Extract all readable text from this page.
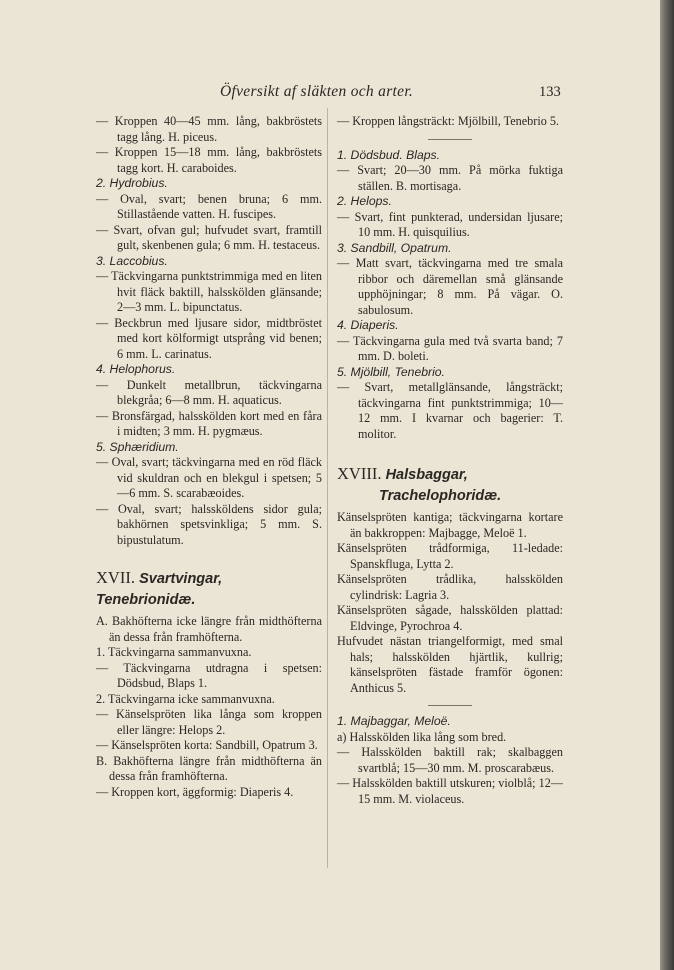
Öfversikt af släkten och arter.	133
— Kroppen 40—45 mm. lång, bakbröstets tagg lång. H. piceus.
— Kroppen 15—18 mm. lång, bakbröstets tagg kort. H. caraboides.
2. Hydrobius.
— Oval, svart; benen bruna; 6 mm. Stillastående vatten. H. fuscipes.
— Svart, ofvan gul; hufvudet svart, framtill gult, skenbenen gula; 6 mm. H. testaceus.
3. Laccobius.
— Täckvingarna punktstrimmiga med en liten hvit fläck baktill, halsskölden glänsande; 2—3 mm. L. bipunctatus.
— Beckbrun med ljusare sidor, midtbröstet med kort kölformigt utsprång vid benen; 6 mm. L. carinatus.
4. Helophorus.
— Dunkelt metallbrun, täckvingarna blekgråa; 6—8 mm. H. aquaticus.
— Bronsfärgad, halsskölden kort med en fåra i midten; 3 mm. H. pygmæus.
5. Sphæridium.
— Oval, svart; täckvingarna med en röd fläck vid skuldran och en blekgul i spetsen; 5—6 mm. S. scarabæoides.
— Oval, svart; halssköldens sidor gula; bakhörnen spetsvinkliga; 5 mm. S. bipustulatum.
XVII. Svartvingar, Tenebrionidæ.
A. Bakhöfterna icke längre från midthöfterna än dessa från framhöfterna.
1. Täckvingarna sammanvuxna.
— Täckvingarna utdragna i spetsen: Dödsbud, Blaps 1.
2. Täckvingarna icke sammanvuxna.
— Känselspröten lika långa som kroppen eller längre: Helops 2.
— Känselspröten korta: Sandbill, Opatrum 3.
B. Bakhöfterna längre från midthöfterna än dessa från framhöfterna.
— Kroppen kort, äggformig: Diaperis 4.
— Kroppen långsträckt: Mjölbill, Tenebrio 5.
1. Dödsbud. Blaps.
— Svart; 20—30 mm. På mörka fuktiga ställen. B. mortisaga.
2. Helops.
— Svart, fint punkterad, undersidan ljusare; 10 mm. H. quisquilius.
3. Sandbill, Opatrum.
— Matt svart, täckvingarna med tre smala ribbor och däremellan små glänsande upphöjningar; 8 mm. På vägar. O. sabulosum.
4. Diaperis.
— Täckvingarna gula med två svarta band; 7 mm. D. boleti.
5. Mjölbill, Tenebrio.
— Svart, metallglänsande, långsträckt; täckvingarna fint punktstrimmiga; 10—12 mm. I kvarnar och bagerier: T. molitor.
XVIII. Halsbaggar, Trachelophoridæ.
Känselspröten kantiga; täckvingarna kortare än bakkroppen: Majbagge, Meloë 1.
Känselspröten trådformiga, 11-ledade: Spanskfluga, Lytta 2.
Känselspröten trådlika, halsskölden cylindrisk: Lagria 3.
Känselspröten sågade, halsskölden plattad: Eldvinge, Pyrochroa 4.
Hufvudet nästan triangelformigt, med smal hals; halsskölden hjärtlik, kullrig; känselspröten fästade framför ögonen: Anthicus 5.
1. Majbaggar, Meloë.
a) Halsskölden lika lång som bred.
— Halsskölden baktill rak; skalbaggen svartblå; 15—30 mm. M. proscarabæus.
— Halsskölden baktill utskuren; violblå; 12—15 mm. M. violaceus.
